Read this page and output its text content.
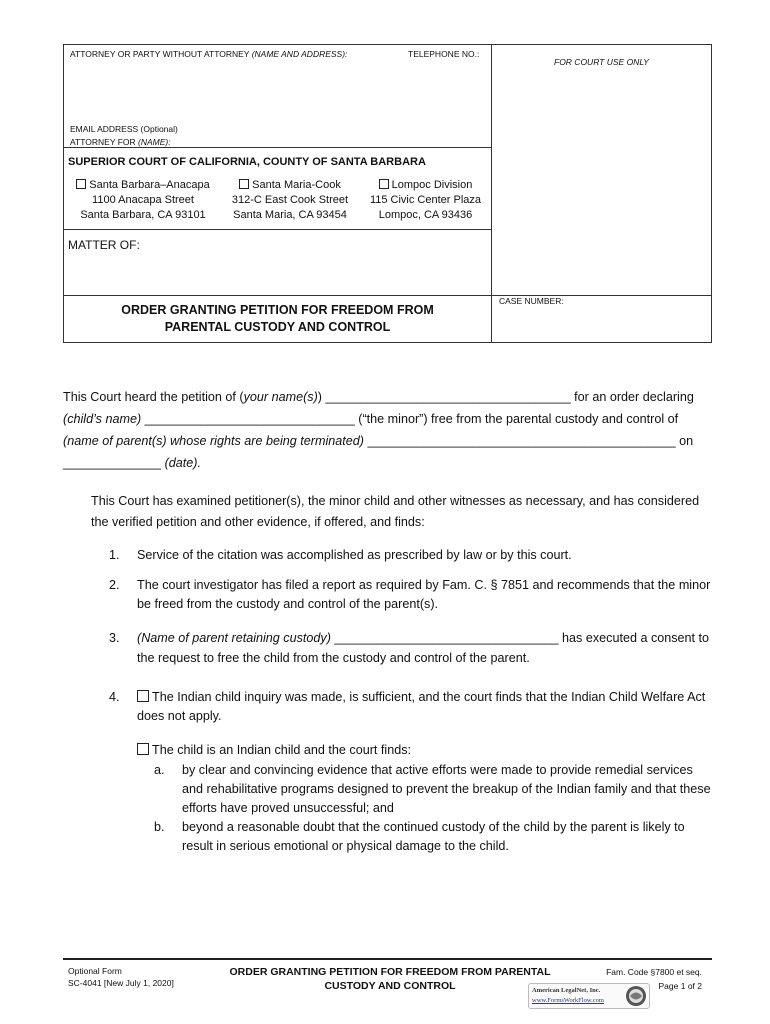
ATTORNEY OR PARTY WITHOUT ATTORNEY (NAME AND ADDRESS):	TELEPHONE NO.:
FOR COURT USE ONLY
EMAIL ADDRESS (Optional)
ATTORNEY FOR (NAME):
SUPERIOR COURT OF CALIFORNIA, COUNTY OF SANTA BARBARA
Santa Barbara–Anacapa
1100 Anacapa Street
Santa Barbara, CA 93101
Santa Maria-Cook
312-C East Cook Street
Santa Maria, CA 93454
Lompoc Division
115 Civic Center Plaza
Lompoc, CA 93436
MATTER OF:
ORDER GRANTING PETITION FOR FREEDOM FROM
PARENTAL CUSTODY AND CONTROL
CASE NUMBER:
This Court heard the petition of (your name(s)) ___________________________________ for an order declaring
(child’s name) ______________________________ (“the minor”) free from the parental custody and control of
(name of parent(s) whose rights are being terminated) ____________________________________________ on
______________ (date).
This Court has examined petitioner(s), the minor child and other witnesses as necessary, and has considered
the verified petition and other evidence, if offered, and finds:
1. Service of the citation was accomplished as prescribed by law or by this court.
2. The court investigator has filed a report as required by Fam. C. § 7851 and recommends that the minor
be freed from the custody and control of the parent(s).
3. (Name of parent retaining custody) ________________________________ has executed a consent to
the request to free the child from the custody and control of the parent.
4.	The Indian child inquiry was made, is sufficient, and the court finds that the Indian Child Welfare Act
does not apply.
The child is an Indian child and the court finds:
a. by clear and convincing evidence that active efforts were made to provide remedial services
and rehabilitative programs designed to prevent the breakup of the Indian family and that these
efforts have proved unsuccessful; and
b. beyond a reasonable doubt that the continued custody of the child by the parent is likely to
result in serious emotional or physical damage to the child.
Optional Form
SC-4041 [New July 1, 2020]
ORDER GRANTING PETITION FOR FREEDOM FROM PARENTAL
CUSTODY AND CONTROL
Fam. Code §7800 et seq.
Page 1 of 2
American LegalNet, Inc.
www.FormsWorkFlow.com
